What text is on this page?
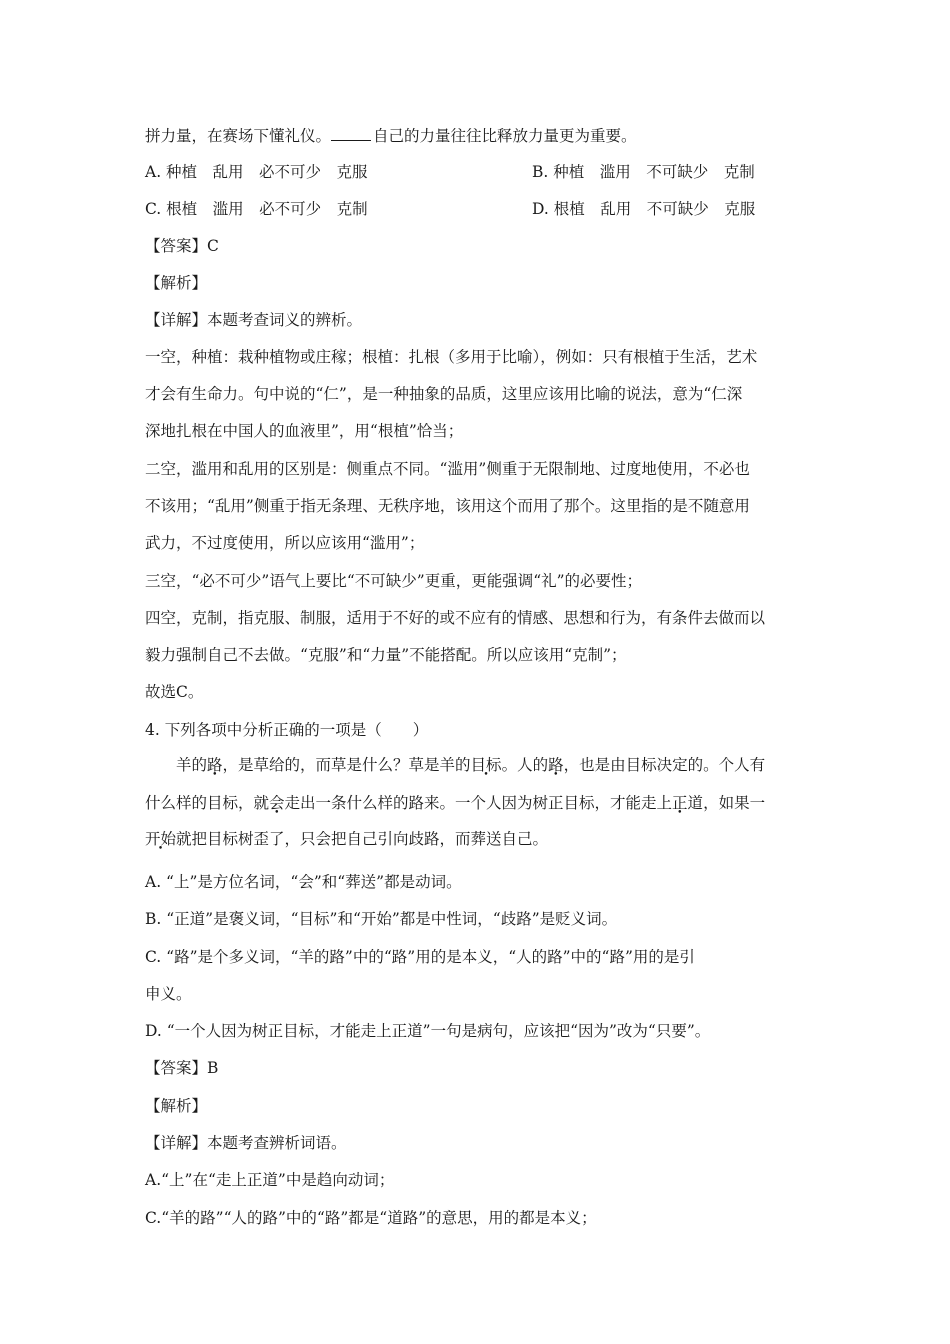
拼力量，在赛场下懂礼仪。	自己的力量往往比释放力量更为重要。
A. 种植　乱用　必不可少　克服	B. 种植　滥用　不可缺少　克制
C. 根植　滥用　必不可少　克制	D. 根植　乱用　不可缺少　克服
【答案】C
【解析】
【详解】本题考查词义的辨析。
一空，种植：栽种植物或庄稼；根植：扎根（多用于比喻），例如：只有根植于生活，艺术
才会有生命力。句中说的“仁”，是一种抽象的品质，这里应该用比喻的说法，意为“仁深
深地扎根在中国人的血液里”，用“根植”恰当；
二空，滥用和乱用的区别是：侧重点不同。“滥用”侧重于无限制地、过度地使用，不必也
不该用；“乱用”侧重于指无条理、无秩序地，该用这个而用了那个。这里指的是不随意用
武力，不过度使用，所以应该用“滥用”；
三空，“必不可少”语气上要比“不可缺少”更重，更能强调“礼”的必要性；
四空，克制，指克服、制服，适用于不好的或不应有的情感、思想和行为，有条件去做而以
毅力强制自己不去做。“克服”和“力量”不能搭配。所以应该用“克制”；
故选C。
4. 下列各项中分析正确的一项是（　　）
羊的路，是草给的，而草是什么？草是羊的目标。人的路，也是由目标决定的。个人有
什么样的目标，就会走出一条什么样的路来。一个人因为树正目标，才能走上正道，如果一
开始就把目标树歪了，只会把自己引向歧路，而葬送自己。
A. “上”是方位名词，“会”和“葬送”都是动词。
B. “正道”是褒义词，“目标”和“开始”都是中性词，“歧路”是贬义词。
C. “路”是个多义词，“羊的路”中的“路”用的是本义，“人的路”中的“路”用的是引
申义。
D. “一个人因为树正目标，才能走上正道”一句是病句，应该把“因为”改为“只要”。
【答案】B
【解析】
【详解】本题考查辨析词语。
A.“上”在“走上正道”中是趋向动词；
C.“羊的路”“人的路”中的“路”都是“道路”的意思，用的都是本义；
